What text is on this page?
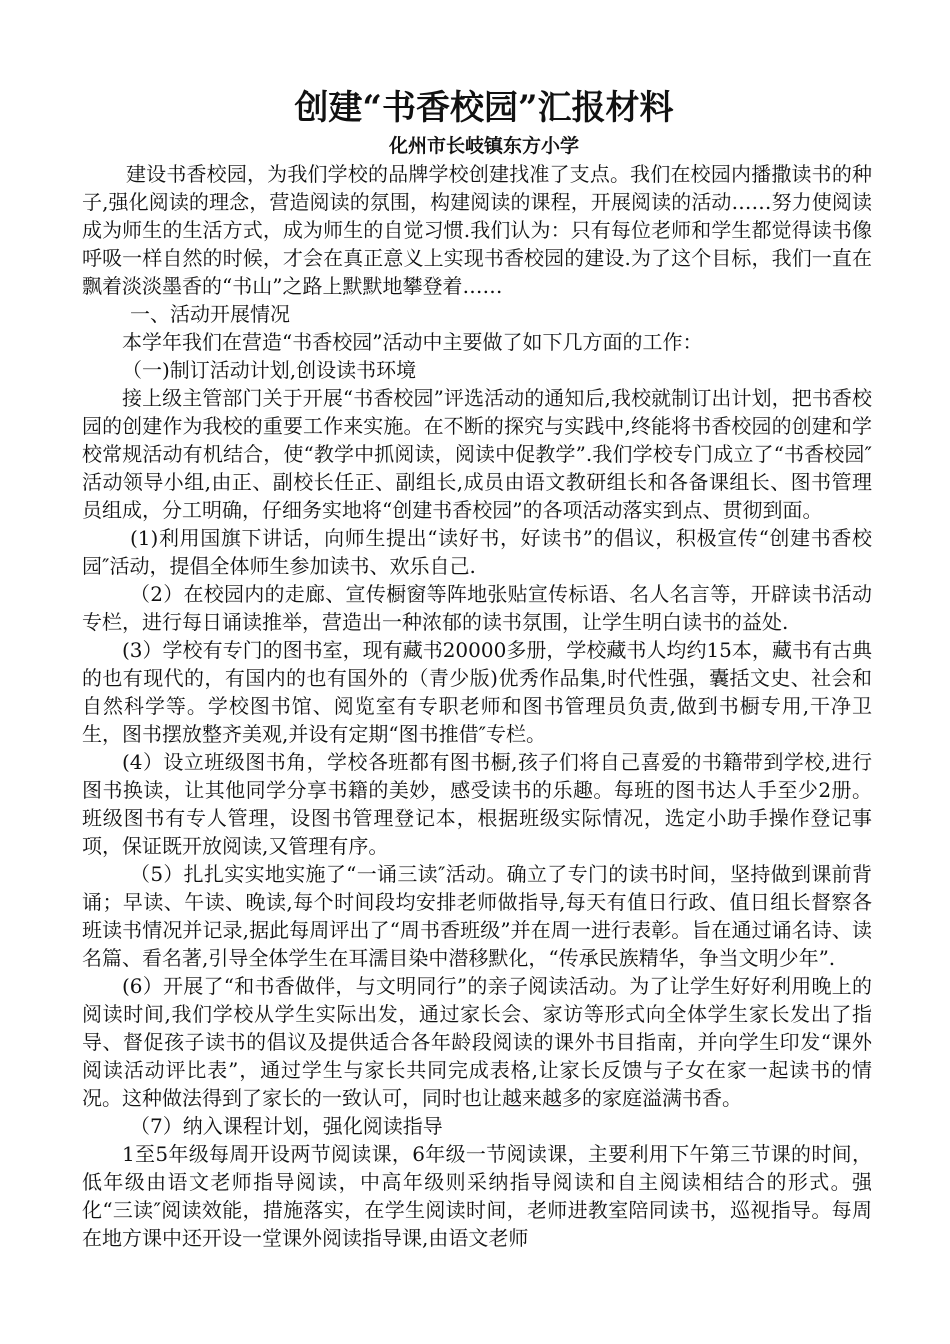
创建“书香校园”汇报材料
化州市长岐镇东方小学

建设书香校园，为我们学校的品牌学校创建找准了支点。我们在校园内播撒读书的种子,强化阅读的理念，营造阅读的氛围，构建阅读的课程，开展阅读的活动……努力使阅读成为师生的生活方式，成为师生的自觉习惯.我们认为：只有每位老师和学生都觉得读书像呼吸一样自然的时候，才会在真正意义上实现书香校园的建设.为了这个目标，我们一直在飘着淡淡墨香的“书山”之路上默默地攀登着……

一、活动开展情况

本学年我们在营造“书香校园”活动中主要做了如下几方面的工作：

（一)制订活动计划,创设读书环境

接上级主管部门关于开展“书香校园”评选活动的通知后,我校就制订出计划，把书香校园的创建作为我校的重要工作来实施。在不断的探究与实践中,终能将书香校园的创建和学校常规活动有机结合，使“教学中抓阅读，阅读中促教学”.我们学校专门成立了“书香校园″活动领导小组,由正、副校长任正、副组长,成员由语文教研组长和各备课组长、图书管理员组成，分工明确，仔细务实地将“创建书香校园”的各项活动落实到点、贯彻到面。

(1)利用国旗下讲话，向师生提出“读好书，好读书”的倡议，积极宣传“创建书香校园″活动，提倡全体师生参加读书、欢乐自己.

（2）在校园内的走廊、宣传橱窗等阵地张贴宣传标语、名人名言等，开辟读书活动专栏，进行每日诵读推举，营造出一种浓郁的读书氛围，让学生明白读书的益处.

(3）学校有专门的图书室，现有藏书20000多册，学校藏书人均约15本，藏书有古典的也有现代的，有国内的也有国外的（青少版)优秀作品集,时代性强，囊括文史、社会和自然科学等。学校图书馆、阅览室有专职老师和图书管理员负责,做到书橱专用,干净卫生，图书摆放整齐美观,并设有定期“图书推借″专栏。

(4）设立班级图书角，学校各班都有图书橱,孩子们将自己喜爱的书籍带到学校,进行图书换读，让其他同学分享书籍的美妙，感受读书的乐趣。每班的图书达人手至少2册。班级图书有专人管理，设图书管理登记本，根据班级实际情况，选定小助手操作登记事项，保证既开放阅读,又管理有序。

（5）扎扎实实地实施了“一诵三读″活动。确立了专门的读书时间，坚持做到课前背诵；早读、午读、晚读,每个时间段均安排老师做指导,每天有值日行政、值日组长督察各班读书情况并记录,据此每周评出了“周书香班级”并在周一进行表彰。旨在通过诵名诗、读名篇、看名著,引导全体学生在耳濡目染中潜移默化，“传承民族精华，争当文明少年”.

(6）开展了“和书香做伴，与文明同行”的亲子阅读活动。为了让学生好好利用晚上的阅读时间,我们学校从学生实际出发，通过家长会、家访等形式向全体学生家长发出了指导、督促孩子读书的倡议及提供适合各年龄段阅读的课外书目指南，并向学生印发“课外阅读活动评比表”，通过学生与家长共同完成表格,让家长反馈与子女在家一起读书的情况。这种做法得到了家长的一致认可，同时也让越来越多的家庭溢满书香。

（7）纳入课程计划，强化阅读指导

1至5年级每周开设两节阅读课，6年级一节阅读课，主要利用下午第三节课的时间，低年级由语文老师指导阅读，中高年级则采纳指导阅读和自主阅读相结合的形式。强化“三读″阅读效能，措施落实，在学生阅读时间，老师进教室陪同读书，巡视指导。每周在地方课中还开设一堂课外阅读指导课,由语文老师
